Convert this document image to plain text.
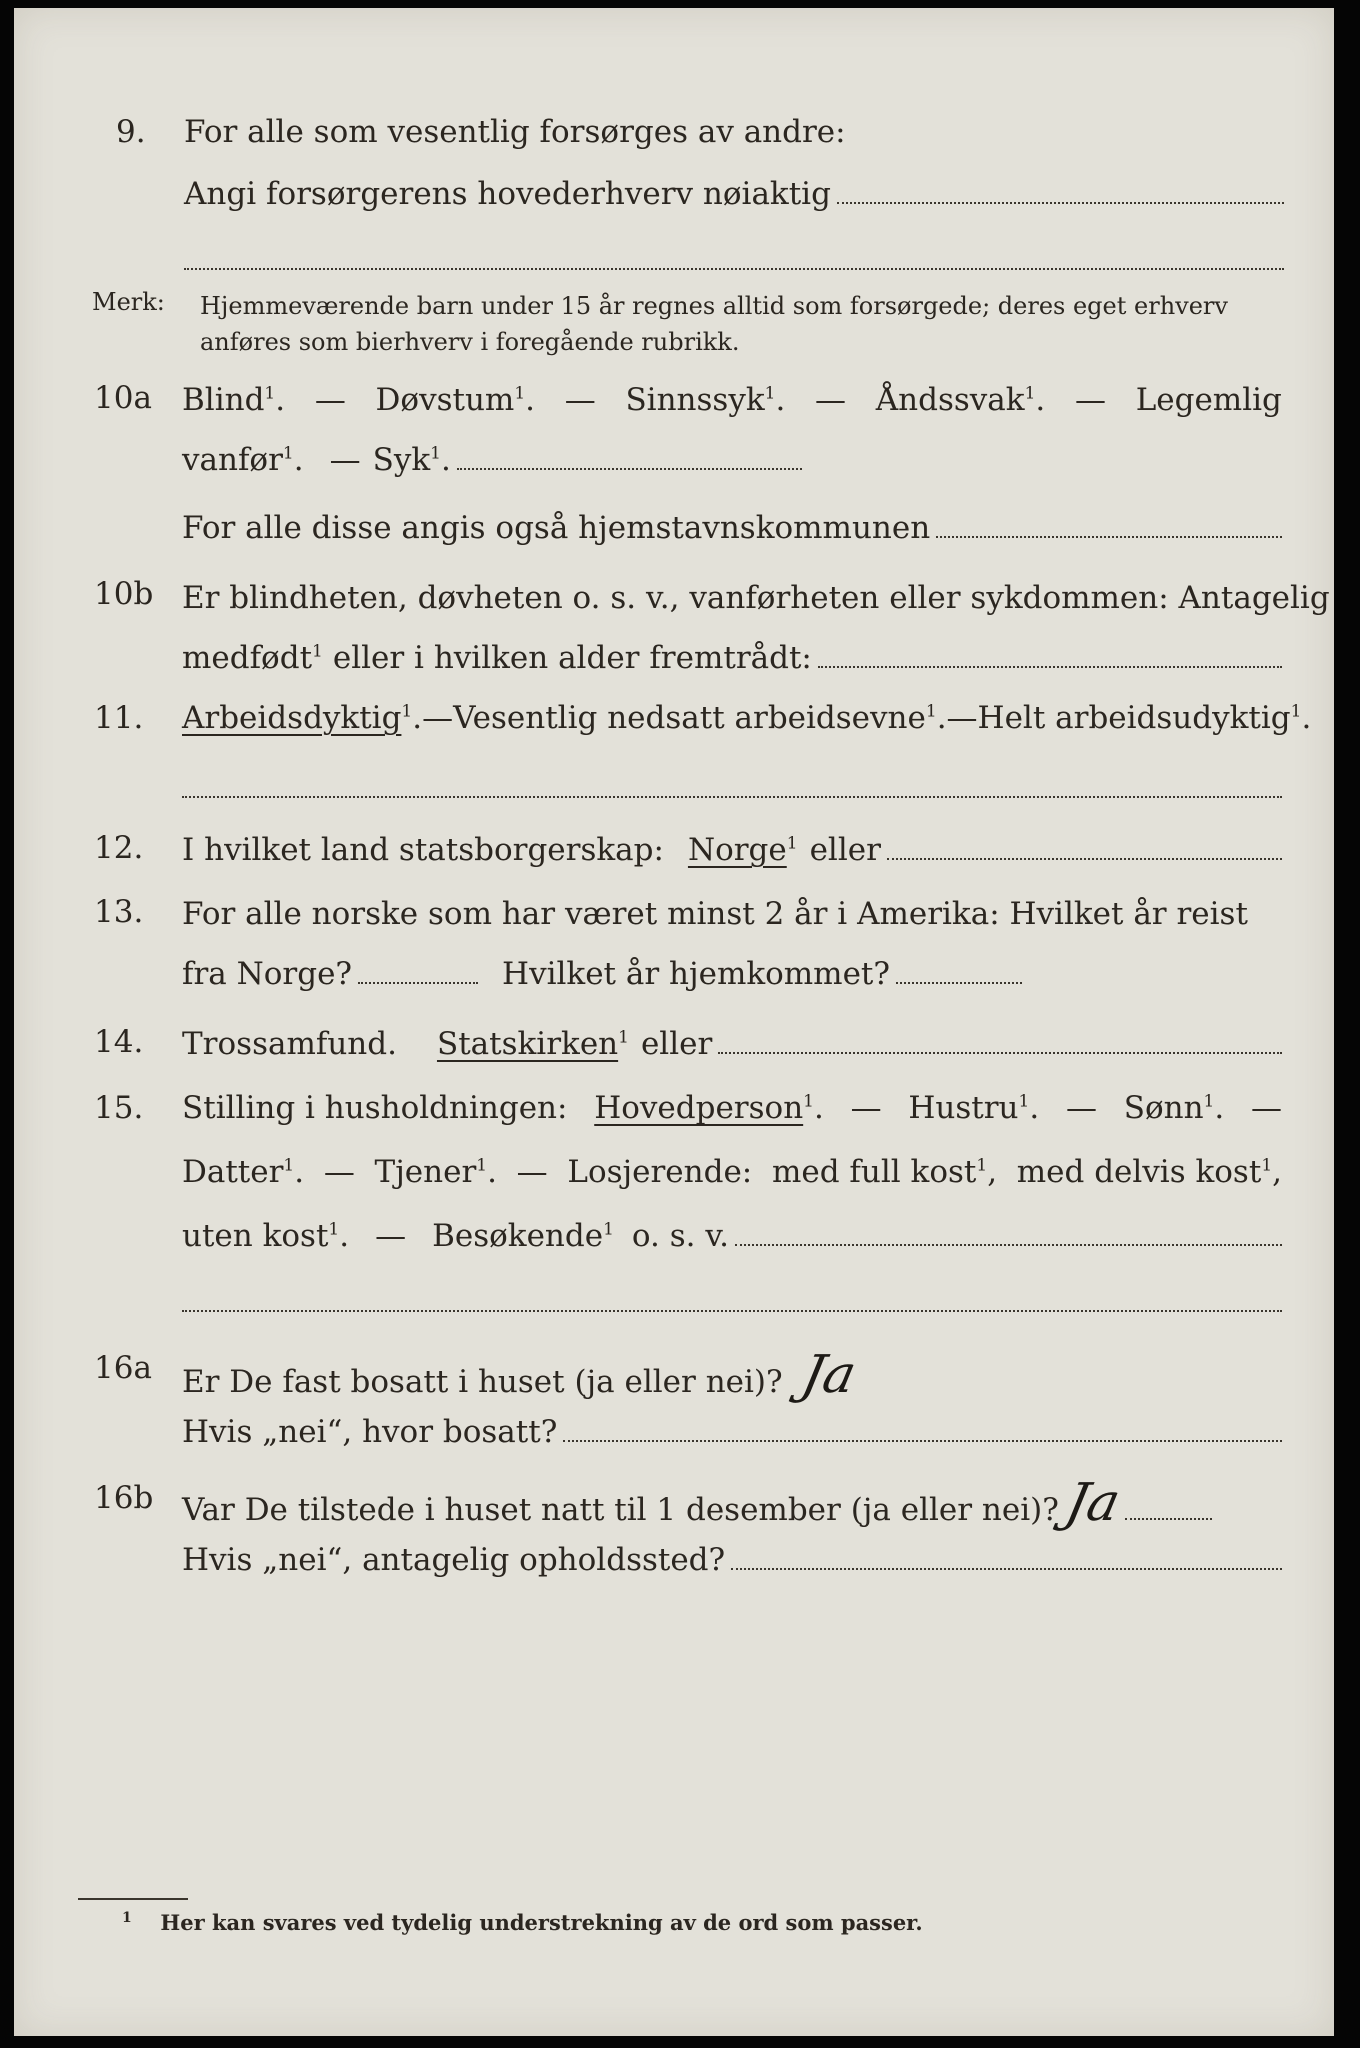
9. For alle som vesentlig forsørges av andre:
Angi forsørgerens hovederhverv nøiaktig
Merk: Hjemmeværende barn under 15 år regnes alltid som forsørgede; deres eget erhverv
anføres som bierhverv i foregående rubrikk.
10a Blind$^1$. — Døvstum$^1$. — Sinnssyk$^1$. — Åndssvak$^1$. — Legemlig
vanfør$^1$. — Syk$^1$.
For alle disse angis også hjemstavnskommunen
10b Er blindheten, døvheten o. s. v., vanførheten eller sykdommen: Antagelig
medfødt$^1$ eller i hvilken alder fremtrådt:
11. Arbeidsdyktig$^1$. — Vesentlig nedsatt arbeidsevne$^1$. — Helt arbeidsudyktig$^1$.
12. I hvilket land statsborgerskap: Norge$^1$ eller
13. For alle norske som har været minst 2 år i Amerika: Hvilket år reist
fra Norge?	Hvilket år hjemkommet?
14. Trossamfund. Statskirken$^1$ eller
15. Stilling i husholdningen: Hovedperson$^1$. — Hustru$^1$. — Sønn$^1$. —
Datter$^1$. — Tjener$^1$. — Losjerende: med full kost$^1$, med delvis kost$^1$,
uten kost$^1$. — Besøkende$^1$ o. s. v.
16a Er De fast bosatt i huset (ja eller nei)? Ja
Hvis „nei“, hvor bosatt?
16b Var De tilstede i huset natt til 1 desember (ja eller nei)? Ja
Hvis „nei“, antagelig opholdssted?
$^1$ Her kan svares ved tydelig understrekning av de ord som passer.
